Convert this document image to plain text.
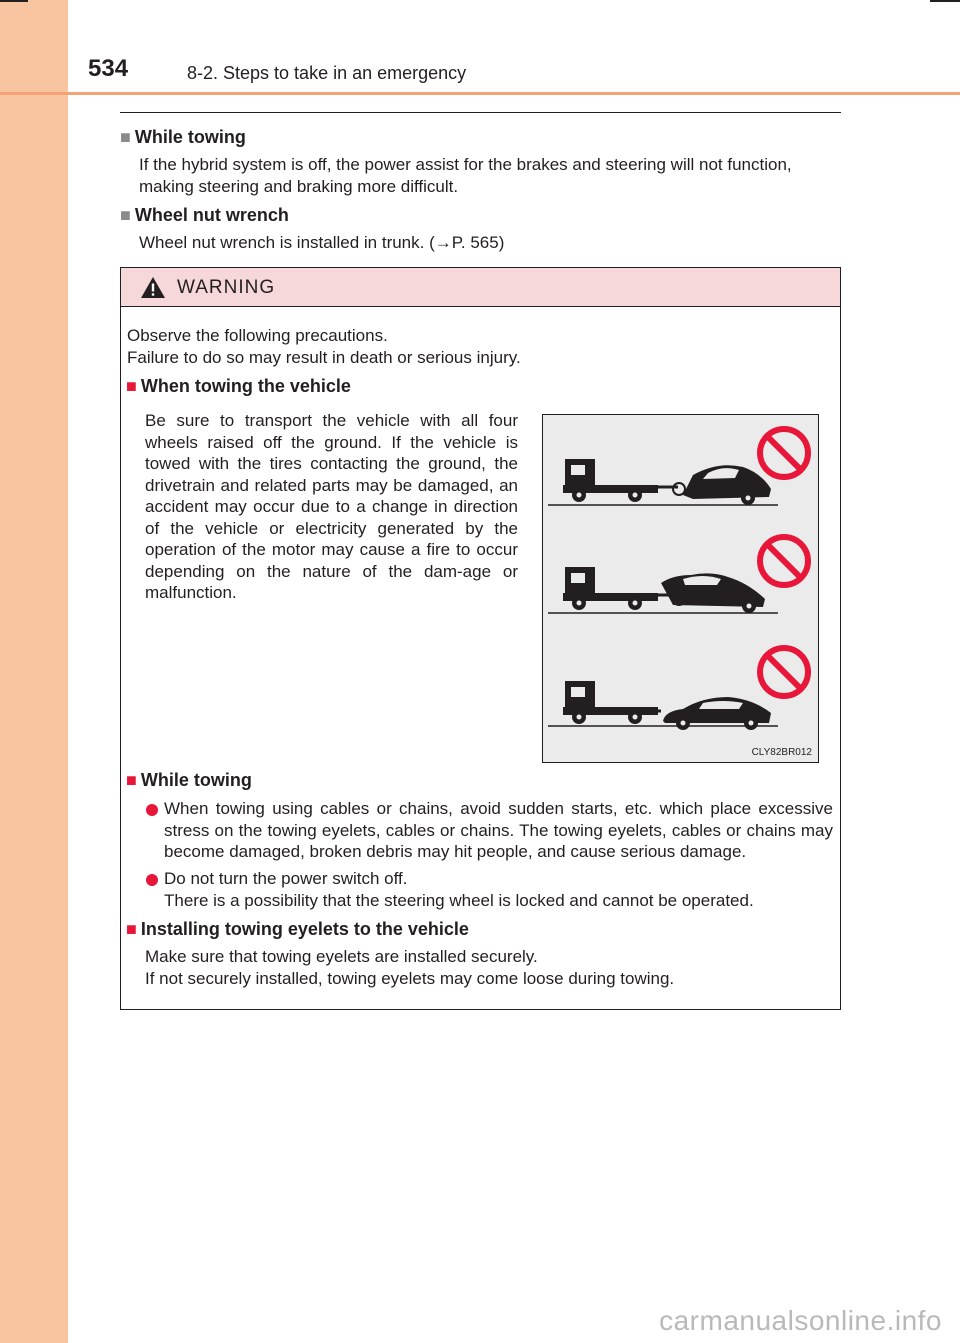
534	8-2. Steps to take in an emergency
■ While towing
If the hybrid system is off, the power assist for the brakes and steering will not function, making steering and braking more difficult.
■ Wheel nut wrench
Wheel nut wrench is installed in trunk. (→P. 565)
WARNING
Observe the following precautions.
Failure to do so may result in death or serious injury.
■ When towing the vehicle
Be sure to transport the vehicle with all four wheels raised off the ground. If the vehicle is towed with the tires contacting the ground, the drivetrain and related parts may be damaged, an accident may occur due to a change in direction of the vehicle or electricity generated by the operation of the motor may cause a fire to occur depending on the nature of the dam-age or malfunction.
CLY82BR012
■ While towing
When towing using cables or chains, avoid sudden starts, etc. which place excessive stress on the towing eyelets, cables or chains. The towing eyelets, cables or chains may become damaged, broken debris may hit people, and cause serious damage.
Do not turn the power switch off.
There is a possibility that the steering wheel is locked and cannot be operated.
■ Installing towing eyelets to the vehicle
Make sure that towing eyelets are installed securely.
If not securely installed, towing eyelets may come loose during towing.
carmanualsonline.info
